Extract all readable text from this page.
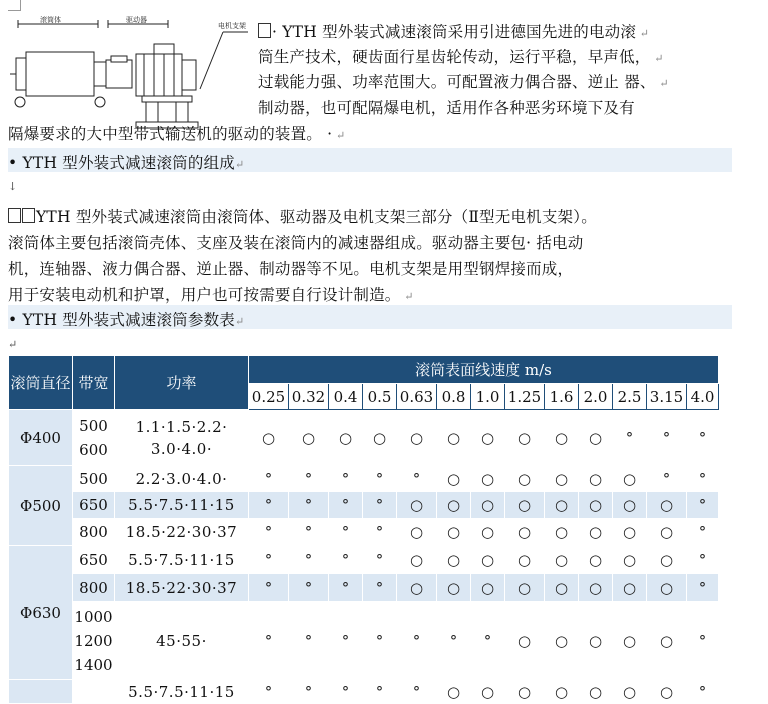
滚筒体	驱动器
电机支架	· YTH 型外装式减速滚筒采用引进德国先进的电动滚 ↵
筒生产技术，硬齿面行星齿轮传动，运行平稳，早声低， ↵
过载能力强、功率范围大。可配置液力偶合器、逆止 器、 ↵
制动器，也可配隔爆电机，适用作各种恶劣环境下及有
隔爆要求的大中型带式输送机的驱动的装置。 · ↵
• YTH 型外装式减速滚筒的组成↵
↓
YTH 型外装式减速滚筒由滚筒体、驱动器及电机支架三部分（Ⅱ型无电机支架）。
滚筒体主要包括滚筒壳体、支座及装在滚筒内的减速器组成。驱动器主要包· 括电动
机，连轴器、液力偶合器、逆止器、制动器等不见。电机支架是用型钢焊接而成，
用于安装电动机和护罩，用户也可按需要自行设计制造。 ↵
• YTH 型外装式减速滚筒参数表↵
↵
滚筒直径	带宽	功率	滚筒表面线速度 m/s												
			0.25	0.32	0.4	0.5	0.63	0.8	1.0	1.25	1.6	2.0	2.5	3.15	4.0
Φ400	500 600	1.1·1.5·2.2· 3.0·4.0·	○	○	○	○	○	○	○	○	○	○	°	°	°
Φ500	500	2.2·3.0·4.0·	°	°	°	°	°	○	○	○	○	○	○	°	°
	650	5.5·7.5·11·15	°	°	°	°	○	○	○	○	○	○	○	○	°
	800	18.5·22·30·37	°	°	°	°	○	○	○	○	○	○	○	○	°
Φ630	650	5.5·7.5·11·15	°	°	°	°	○	○	○	○	○	○	○	○	°
	800	18.5·22·30·37	°	°	°	°	○	○	○	○	○	○	○	○	°
	1000 1200 1400	45·55·	°	°	°	°	°	°	°	○	○	○	○	○	°
		5.5·7.5·11·15	°	°	°	°	°	○	○	○	○	○	○	○	°
